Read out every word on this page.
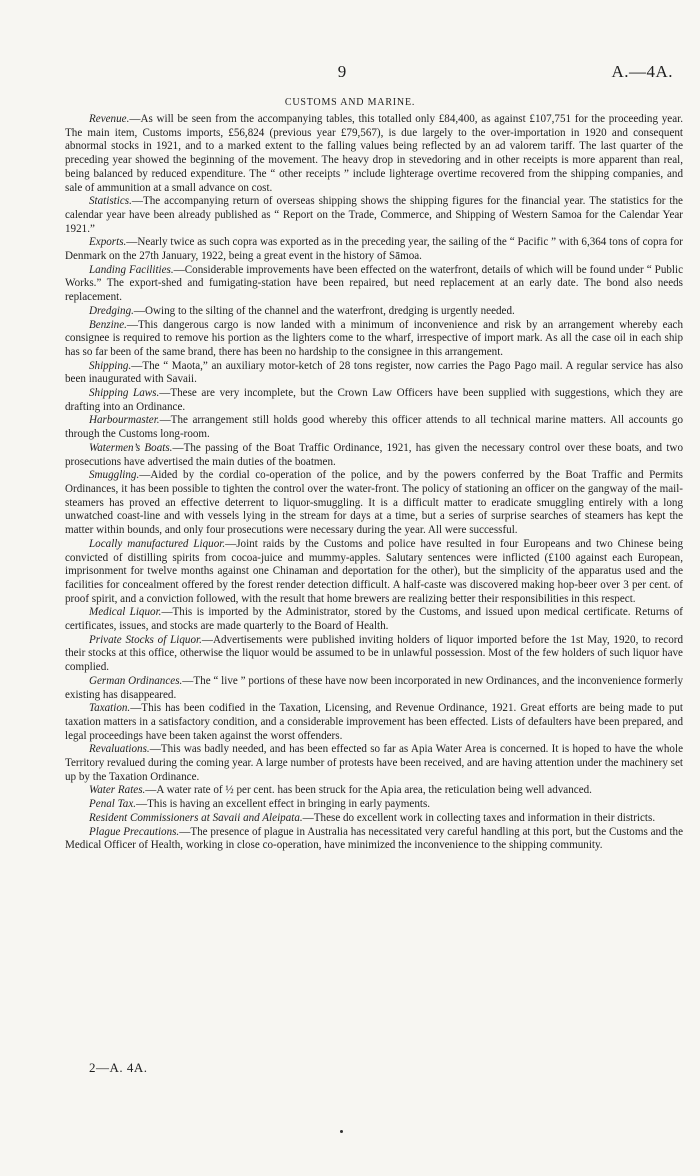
9	A.—4A.
CUSTOMS AND MARINE.

Revenue.—As will be seen from the accompanying tables, this totalled only £84,400, as against £107,751 for the proceeding year. The main item, Customs imports, £56,824 (previous year £79,567), is due largely to the over-importation in 1920 and consequent abnormal stocks in 1921, and to a marked extent to the falling values being reflected by an ad valorem tariff. The last quarter of the preceding year showed the beginning of the movement. The heavy drop in stevedoring and in other receipts is more apparent than real, being balanced by reduced expenditure. The “ other receipts ” include lighterage overtime recovered from the shipping companies, and sale of ammunition at a small advance on cost.

Statistics.—The accompanying return of overseas shipping shows the shipping figures for the financial year. The statistics for the calendar year have been already published as “ Report on the Trade, Commerce, and Shipping of Western Samoa for the Calendar Year 1921.”

Exports.—Nearly twice as such copra was exported as in the preceding year, the sailing of the “ Pacific ” with 6,364 tons of copra for Denmark on the 27th January, 1922, being a great event in the history of Sāmoa.

Landing Facilities.—Considerable improvements have been effected on the waterfront, details of which will be found under “ Public Works.” The export-shed and fumigating-station have been repaired, but need replacement at an early date. The bond also needs replacement.

Dredging.—Owing to the silting of the channel and the waterfront, dredging is urgently needed.

Benzine.—This dangerous cargo is now landed with a minimum of inconvenience and risk by an arrangement whereby each consignee is required to remove his portion as the lighters come to the wharf, irrespective of import mark. As all the case oil in each ship has so far been of the same brand, there has been no hardship to the consignee in this arrangement.

Shipping.—The “ Maota,” an auxiliary motor-ketch of 28 tons register, now carries the Pago Pago mail. A regular service has also been inaugurated with Savaii.

Shipping Laws.—These are very incomplete, but the Crown Law Officers have been supplied with suggestions, which they are drafting into an Ordinance.

Harbourmaster.—The arrangement still holds good whereby this officer attends to all technical marine matters. All accounts go through the Customs long-room.

Watermen’s Boats.—The passing of the Boat Traffic Ordinance, 1921, has given the necessary control over these boats, and two prosecutions have advertised the main duties of the boatmen.

Smuggling.—Aided by the cordial co-operation of the police, and by the powers conferred by the Boat Traffic and Permits Ordinances, it has been possible to tighten the control over the water-front. The policy of stationing an officer on the gangway of the mail-steamers has proved an effective deterrent to liquor-smuggling. It is a difficult matter to eradicate smuggling entirely with a long unwatched coast-line and with vessels lying in the stream for days at a time, but a series of surprise searches of steamers has kept the matter within bounds, and only four prosecutions were necessary during the year. All were successful.

Locally manufactured Liquor.—Joint raids by the Customs and police have resulted in four Europeans and two Chinese being convicted of distilling spirits from cocoa-juice and mummy-apples. Salutary sentences were inflicted (£100 against each European, imprisonment for twelve months against one Chinaman and deportation for the other), but the simplicity of the apparatus used and the facilities for concealment offered by the forest render detection difficult. A half-caste was discovered making hop-beer over 3 per cent. of proof spirit, and a conviction followed, with the result that home brewers are realizing better their responsibilities in this respect.

Medical Liquor.—This is imported by the Administrator, stored by the Customs, and issued upon medical certificate. Returns of certificates, issues, and stocks are made quarterly to the Board of Health.

Private Stocks of Liquor.—Advertisements were published inviting holders of liquor imported before the 1st May, 1920, to record their stocks at this office, otherwise the liquor would be assumed to be in unlawful possession. Most of the few holders of such liquor have complied.

German Ordinances.—The “ live ” portions of these have now been incorporated in new Ordinances, and the inconvenience formerly existing has disappeared.

Taxation.—This has been codified in the Taxation, Licensing, and Revenue Ordinance, 1921. Great efforts are being made to put taxation matters in a satisfactory condition, and a considerable improvement has been effected. Lists of defaulters have been prepared, and legal proceedings have been taken against the worst offenders.

Revaluations.—This was badly needed, and has been effected so far as Apia Water Area is concerned. It is hoped to have the whole Territory revalued during the coming year. A large number of protests have been received, and are having attention under the machinery set up by the Taxation Ordinance.

Water Rates.—A water rate of ½ per cent. has been struck for the Apia area, the reticulation being well advanced.

Penal Tax.—This is having an excellent effect in bringing in early payments.

Resident Commissioners at Savaii and Aleipata.—These do excellent work in collecting taxes and information in their districts.

Plague Precautions.—The presence of plague in Australia has necessitated very careful handling at this port, but the Customs and the Medical Officer of Health, working in close co-operation, have minimized the inconvenience to the shipping community.

2—A. 4A.
